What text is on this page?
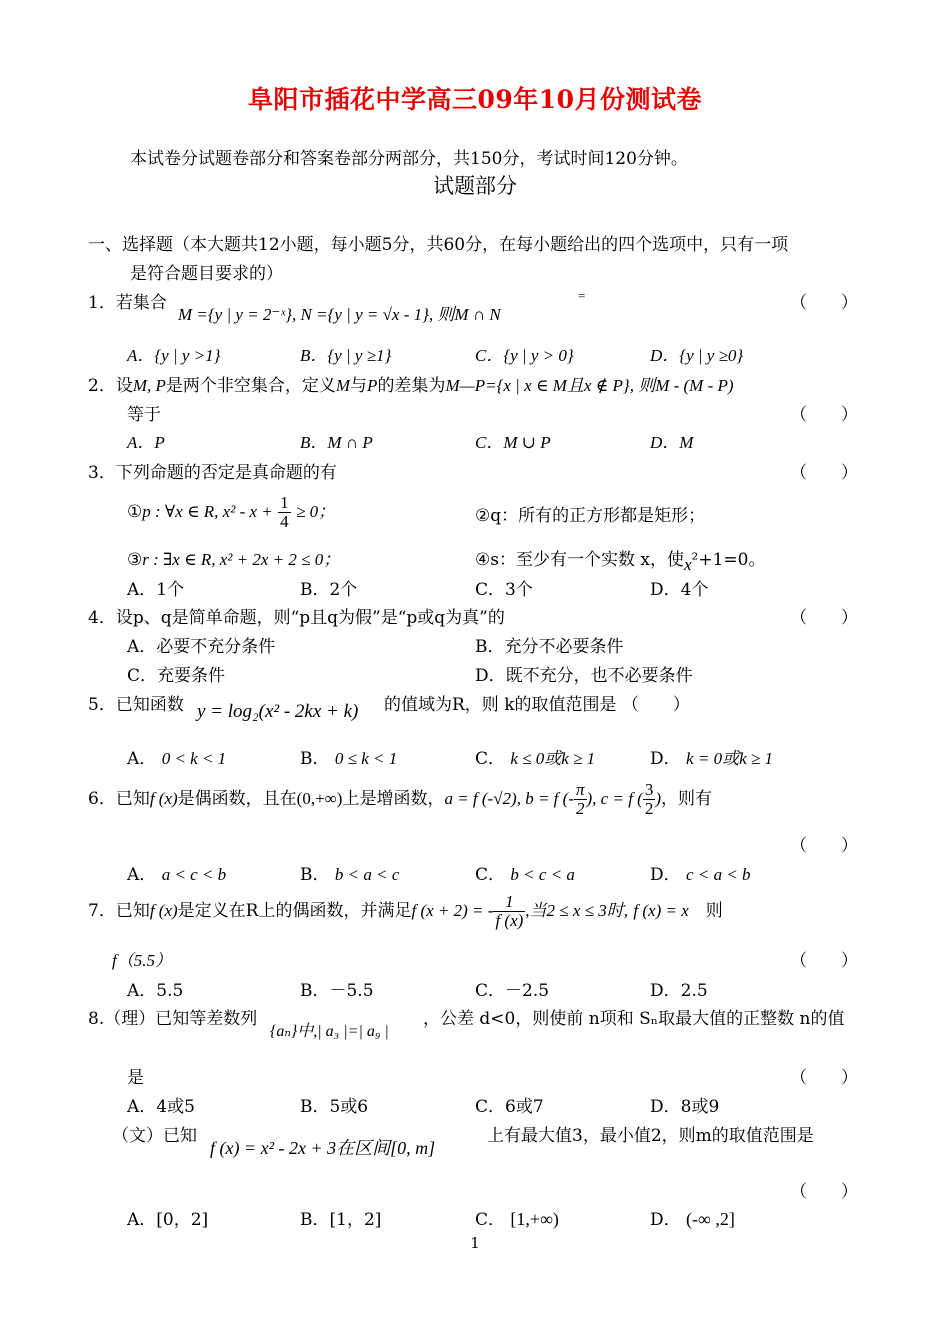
阜阳市插花中学高三09年10月份测试卷
本试卷分试题卷部分和答案卷部分两部分，共150分，考试时间120分钟。
试题部分
一、选择题（本大题共12小题，每小题5分，共60分，在每小题给出的四个选项中，只有一项
是符合题目要求的）
1．若集合
M ={y | y = 2⁻ˣ}, N ={y | y = √x - 1}, 则M ∩ N
=	（　　）
A．{y | y >1}	B．{y | y ≥1}	C．{y | y > 0}	D．{y | y ≥0}
2．设M, P是两个非空集合，定义M与P的差集为M—P={x | x ∈ M且x ∉ P}, 则M - (M - P)
等于	（　　）
A．P	B．M ∩ P	C．M ∪ P	D．M
3．下列命题的否定是真命题的有	（　　）
①p : ∀x ∈ R, $x^2 - x + \frac{1}{4} \ge 0$；	②q：所有的正方形都是矩形；
③r : ∃x ∈ R, x² + 2x + 2 ≤ 0；	④s：至少有一个实数 x，使x²+1=0。
A．1个	B．2个	C．3个	D．4个
4．设p、q是简单命题，则“p且q为假”是“p或q为真”的	（　　）
A．必要不充分条件	B．充分不必要条件
C．充要条件	D．既不充分，也不必要条件
5．已知函数 y = log₂(x² - 2kx + k) 的值域为R，则 k的取值范围是 （　　）
A． 0 < k < 1	B． 0 ≤ k < 1	C． k ≤ 0或k ≥ 1	D． k = 0或k ≥ 1
6．已知f (x)是偶函数，且在(0,+∞)上是增函数，a = f (-√2), b = f (- $\frac{\pi}{2}$ ), c = f ( $\frac{3}{2}$ )，则有
（　　）
A． a < c < b	B． b < a < c	C． b < c < a	D． c < a < b
7．已知f (x)是定义在R上的偶函数，并满足f (x + 2) = - $\frac{1}{f (x)}$ ,当2 ≤ x ≤ 3时, f (x) = x　 则
f（5.5）	（　　）
A．5.5	B．－5.5	C．－2.5	D．2.5
8.（理）已知等差数列
{aₙ}中,| a₃ |=| a₉ |
，公差 d<0，则使前 n项和 Sₙ取最大值的正整数 n的值
是	（　　）
A．4或5	B．5或6	C．6或7	D．8或9
（文）已知
f (x) = x² - 2x + 3在区间[0, m]
上有最大值3，最小值2，则m的取值范围是
（　　）
A．[0，2]	B．[1，2]	C． [1,+∞)	D． (-∞ ,2]
1
